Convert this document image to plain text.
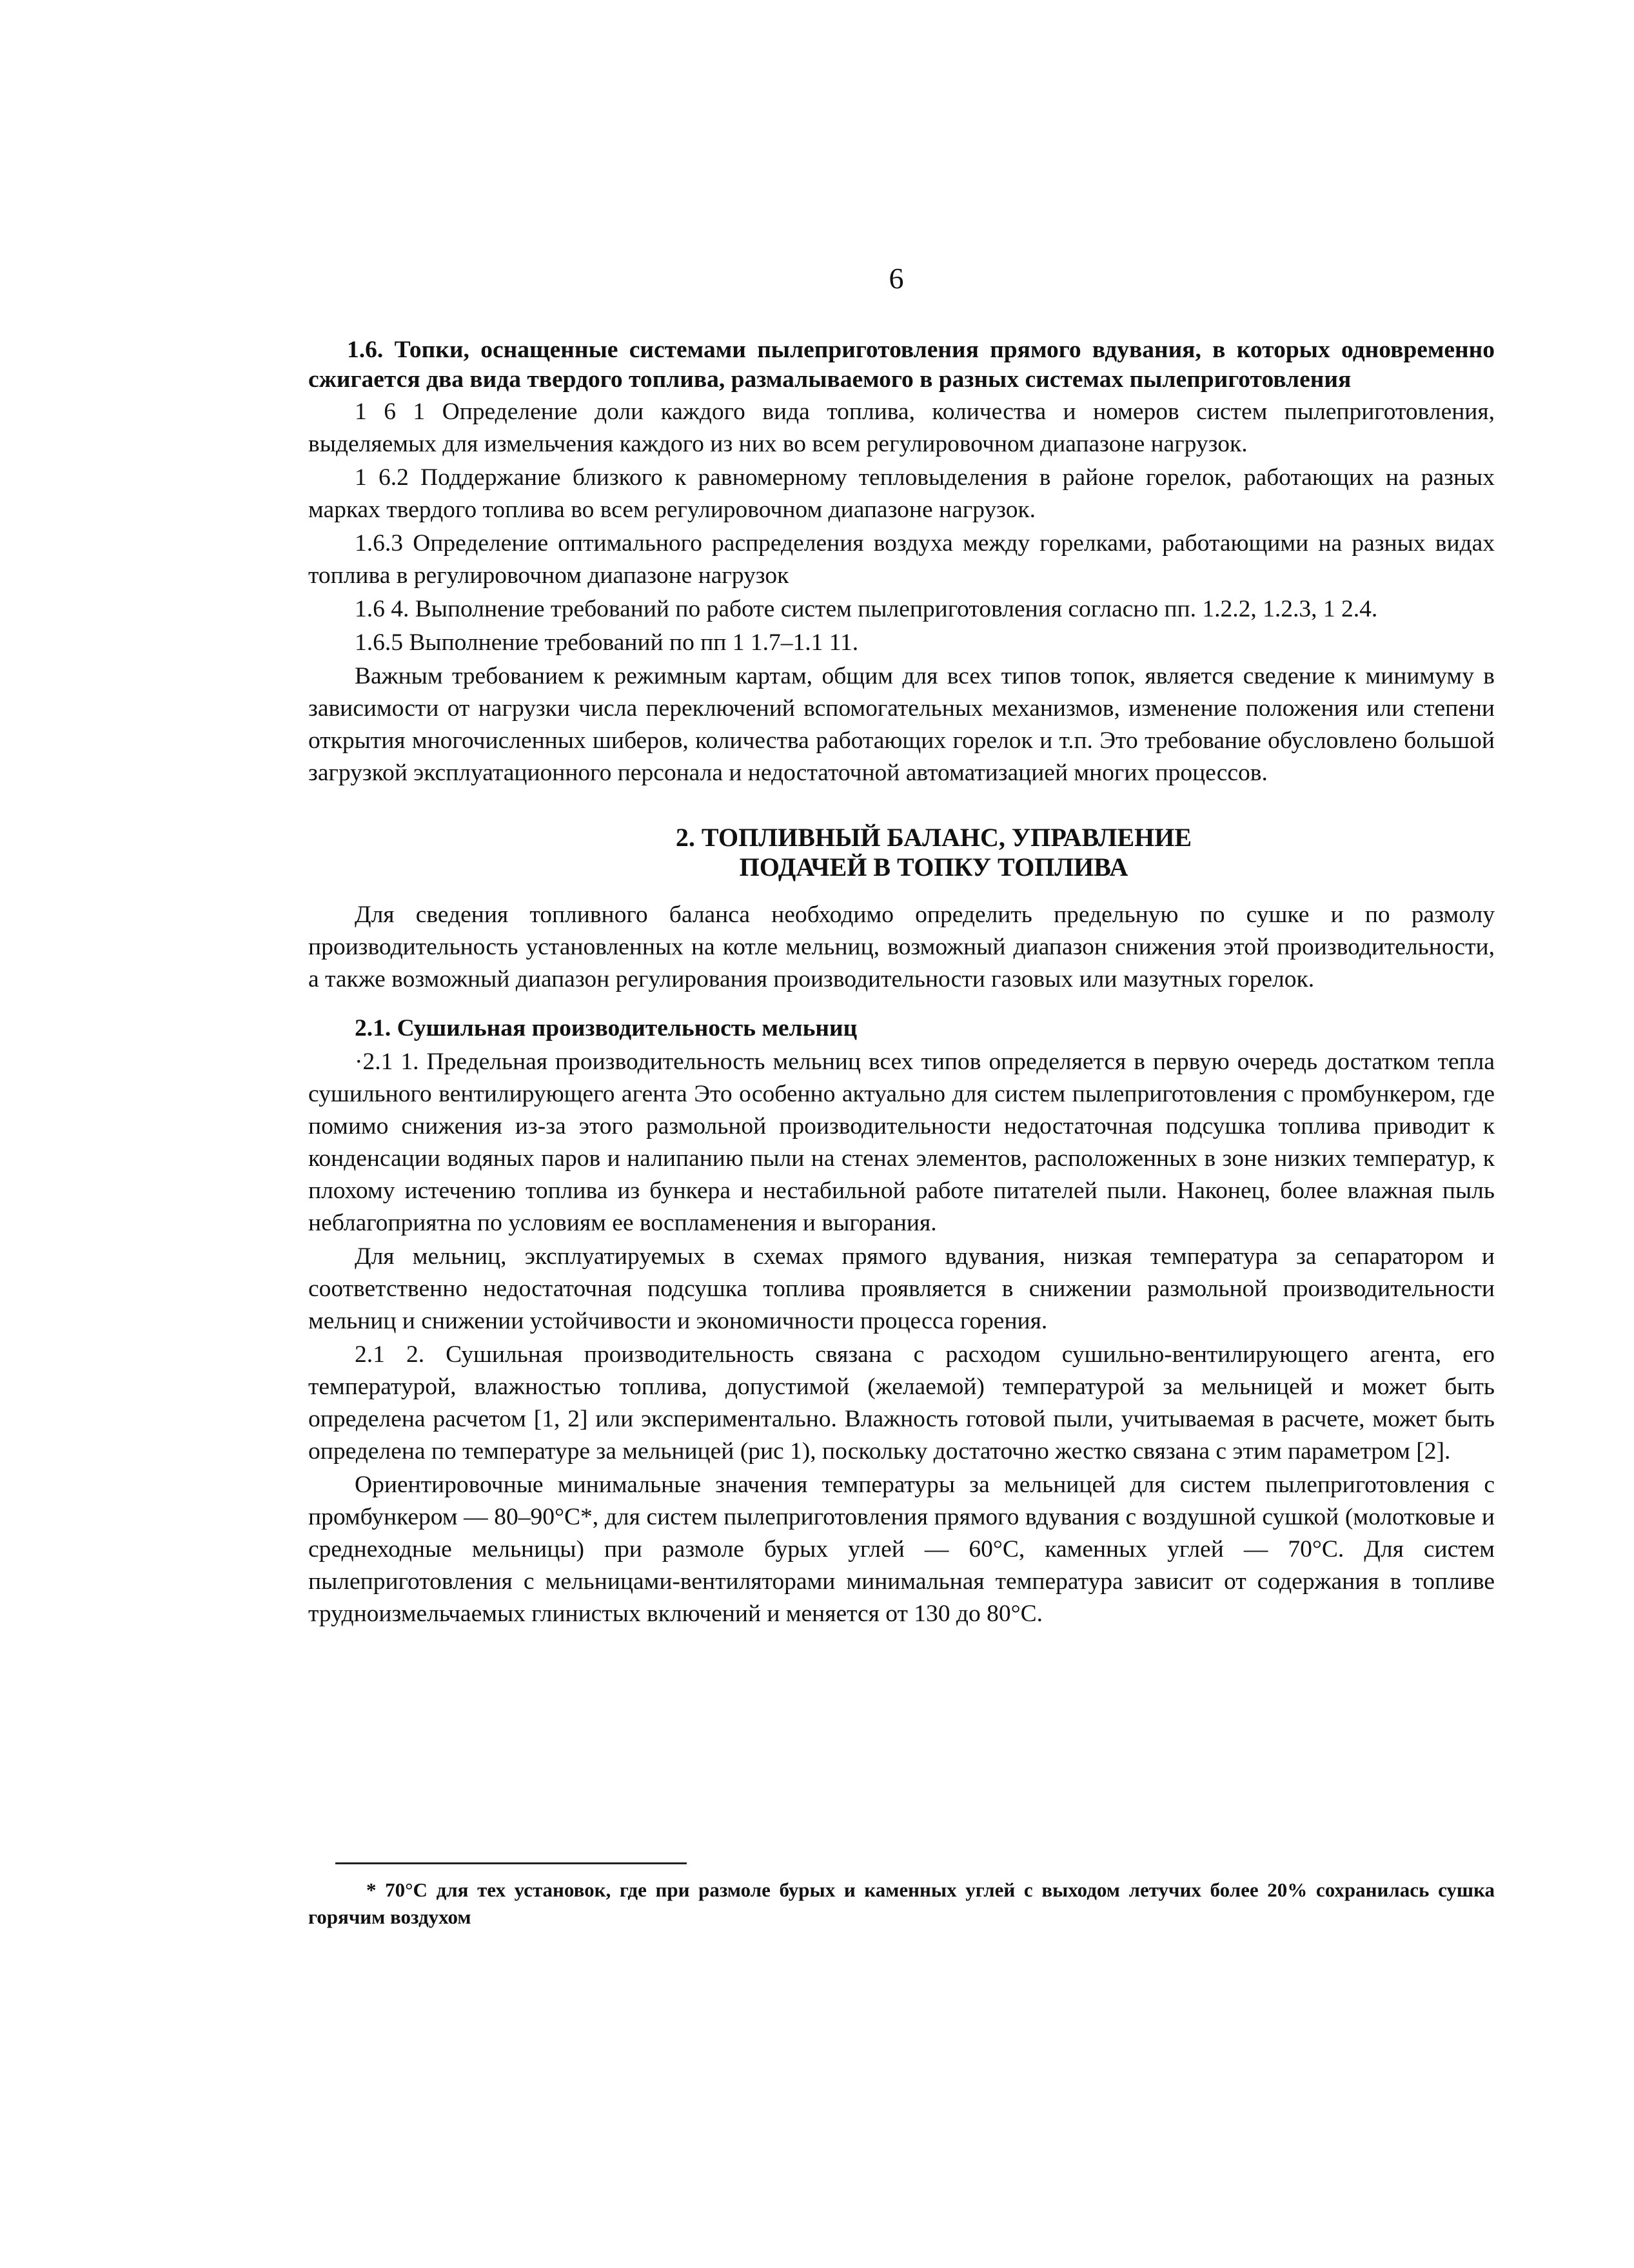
6

1.6. Топки, оснащенные системами пылеприготовления прямого вдувания, в которых одновременно сжигается два вида твердого топлива, размалываемого в разных системах пылеприготовления

1 6 1 Определение доли каждого вида топлива, количества и номеров систем пылеприготовления, выделяемых для измельчения каждого из них во всем регулировочном диапазоне нагрузок.

1 6.2 Поддержание близкого к равномерному тепловыделения в районе горелок, работающих на разных марках твердого топлива во всем регулировочном диапазоне нагрузок.

1.6.3 Определение оптимального распределения воздуха между горелками, работающими на разных видах топлива в регулировочном диапазоне нагрузок

1.6 4. Выполнение требований по работе систем пылеприготовления согласно пп. 1.2.2, 1.2.3, 1 2.4.

1.6.5 Выполнение требований по пп 1 1.7–1.1 11.

Важным требованием к режимным картам, общим для всех типов топок, является сведение к минимуму в зависимости от нагрузки числа переключений вспомогательных механизмов, изменение положения или степени открытия многочисленных шиберов, количества работающих горелок и т.п. Это требование обусловлено большой загрузкой эксплуатационного персонала и недостаточной автоматизацией многих процессов.

2. ТОПЛИВНЫЙ БАЛАНС, УПРАВЛЕНИЕ
ПОДАЧЕЙ В ТОПКУ ТОПЛИВА

Для сведения топливного баланса необходимо определить предельную по сушке и по размолу производительность установленных на котле мельниц, возможный диапазон снижения этой производительности, а также возможный диапазон регулирования производительности газовых или мазутных горелок.

2.1. Сушильная производительность мельниц

·2.1 1. Предельная производительность мельниц всех типов определяется в первую очередь достатком тепла сушильного вентилирующего агента Это особенно актуально для систем пылеприготовления с промбункером, где помимо снижения из-за этого размольной производительности недостаточная подсушка топлива приводит к конденсации водяных паров и налипанию пыли на стенах элементов, расположенных в зоне низких температур, к плохому истечению топлива из бункера и нестабильной работе питателей пыли. Наконец, более влажная пыль неблагоприятна по условиям ее воспламенения и выгорания.

Для мельниц, эксплуатируемых в схемах прямого вдувания, низкая температура за сепаратором и соответственно недостаточная подсушка топлива проявляется в снижении размольной производительности мельниц и снижении устойчивости и экономичности процесса горения.

2.1 2. Сушильная производительность связана с расходом сушильно-вентилирующего агента, его температурой, влажностью топлива, допустимой (желаемой) температурой за мельницей и может быть определена расчетом [1, 2] или экспериментально. Влажность готовой пыли, учитываемая в расчете, может быть определена по температуре за мельницей (рис 1), поскольку достаточно жестко связана с этим параметром [2].

Ориентировочные минимальные значения температуры за мельницей для систем пылеприготовления с промбункером — 80–90°С*, для систем пылеприготовления прямого вдувания с воздушной сушкой (молотковые и среднеходные мельницы) при размоле бурых углей — 60°С, каменных углей — 70°С. Для систем пылеприготовления с мельницами-вентиляторами минимальная температура зависит от содержания в топливе трудноизмельчаемых глинистых включений и меняется от 130 до 80°С.

* 70°С для тех установок, где при размоле бурых и каменных углей с выходом летучих более 20% сохранилась сушка горячим воздухом
